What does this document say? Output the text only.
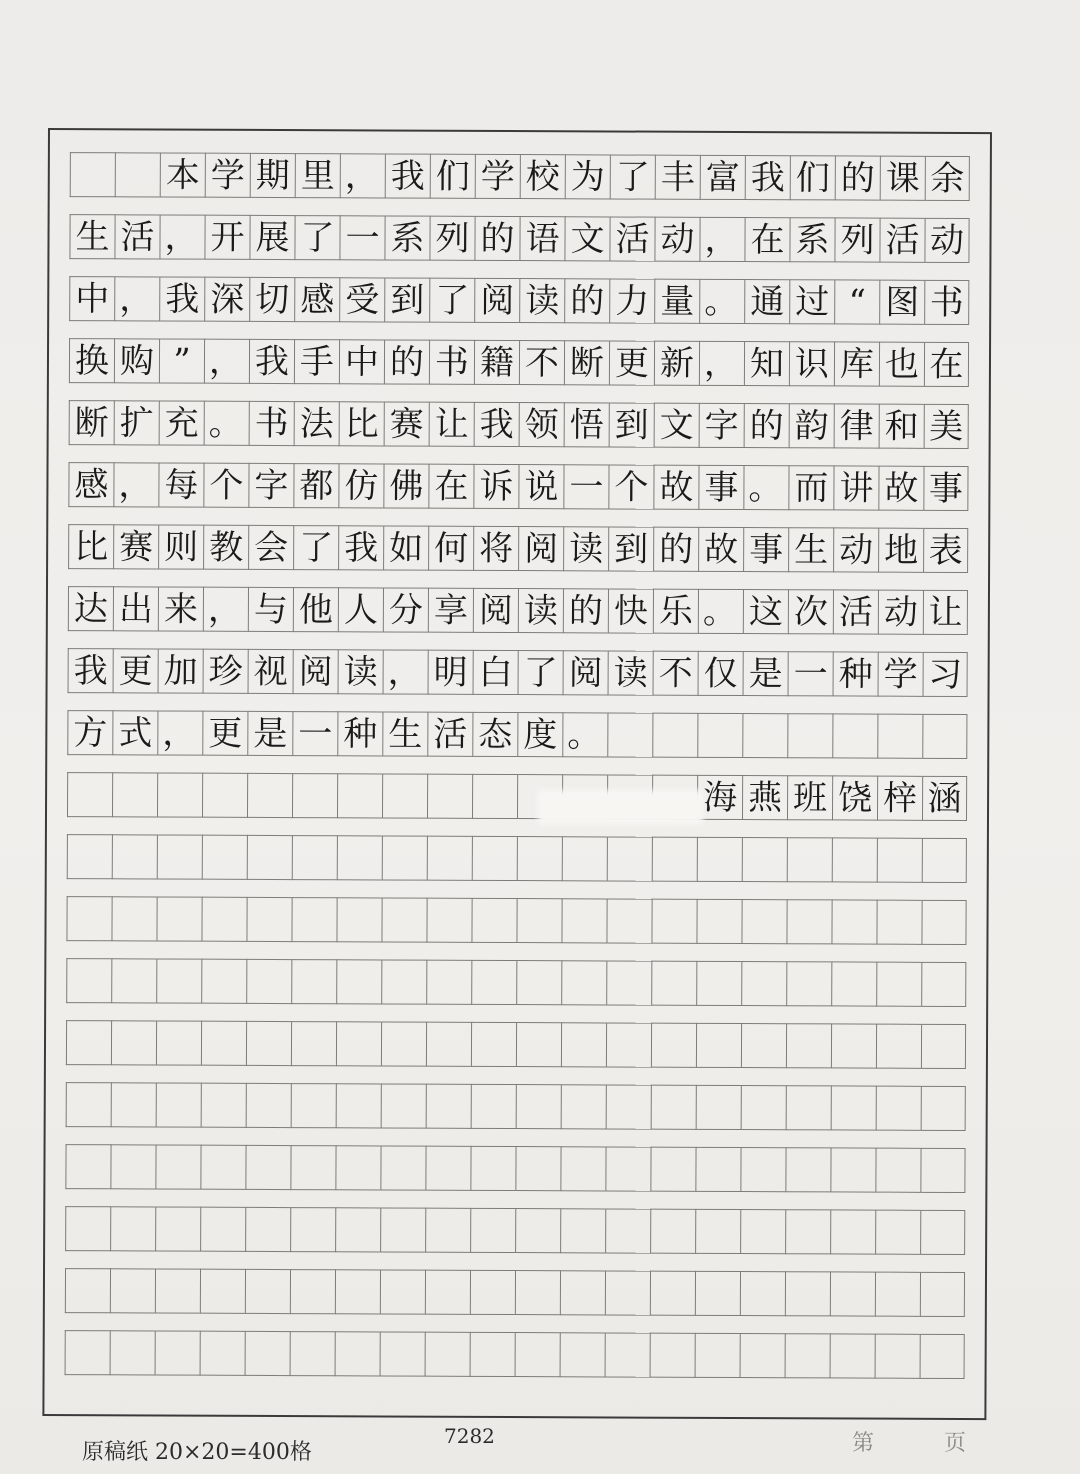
本 学 期 里 ， 我 们 学 校 为 了 丰 富 我 们 的 课 余
生 活 ， 开 展 了 一 系 列 的 语 文 活 动 ， 在 系 列 活 动
中 ， 我 深 切 感 受 到 了 阅 读 的 力 量 。 通 过 “ 图 书
换 购 ” ， 我 手 中 的 书 籍 不 断 更 新 ， 知 识 库 也 在
断 扩 充 。 书 法 比 赛 让 我 领 悟 到 文 字 的 韵 律 和 美
感 ， 每 个 字 都 仿 佛 在 诉 说 一 个 故 事 。 而 讲 故 事
比 赛 则 教 会 了 我 如 何 将 阅 读 到 的 故 事 生 动 地 表
达 出 来 ， 与 他 人 分 享 阅 读 的 快 乐 。 这 次 活 动 让
我 更 加 珍 视 阅 读 ， 明 白 了 阅 读 不 仅 是 一 种 学 习
方 式 ， 更 是 一 种 生 活 态 度 。
海 燕 班 饶 梓 涵
原稿纸 20×20=400格
7282	第	页
